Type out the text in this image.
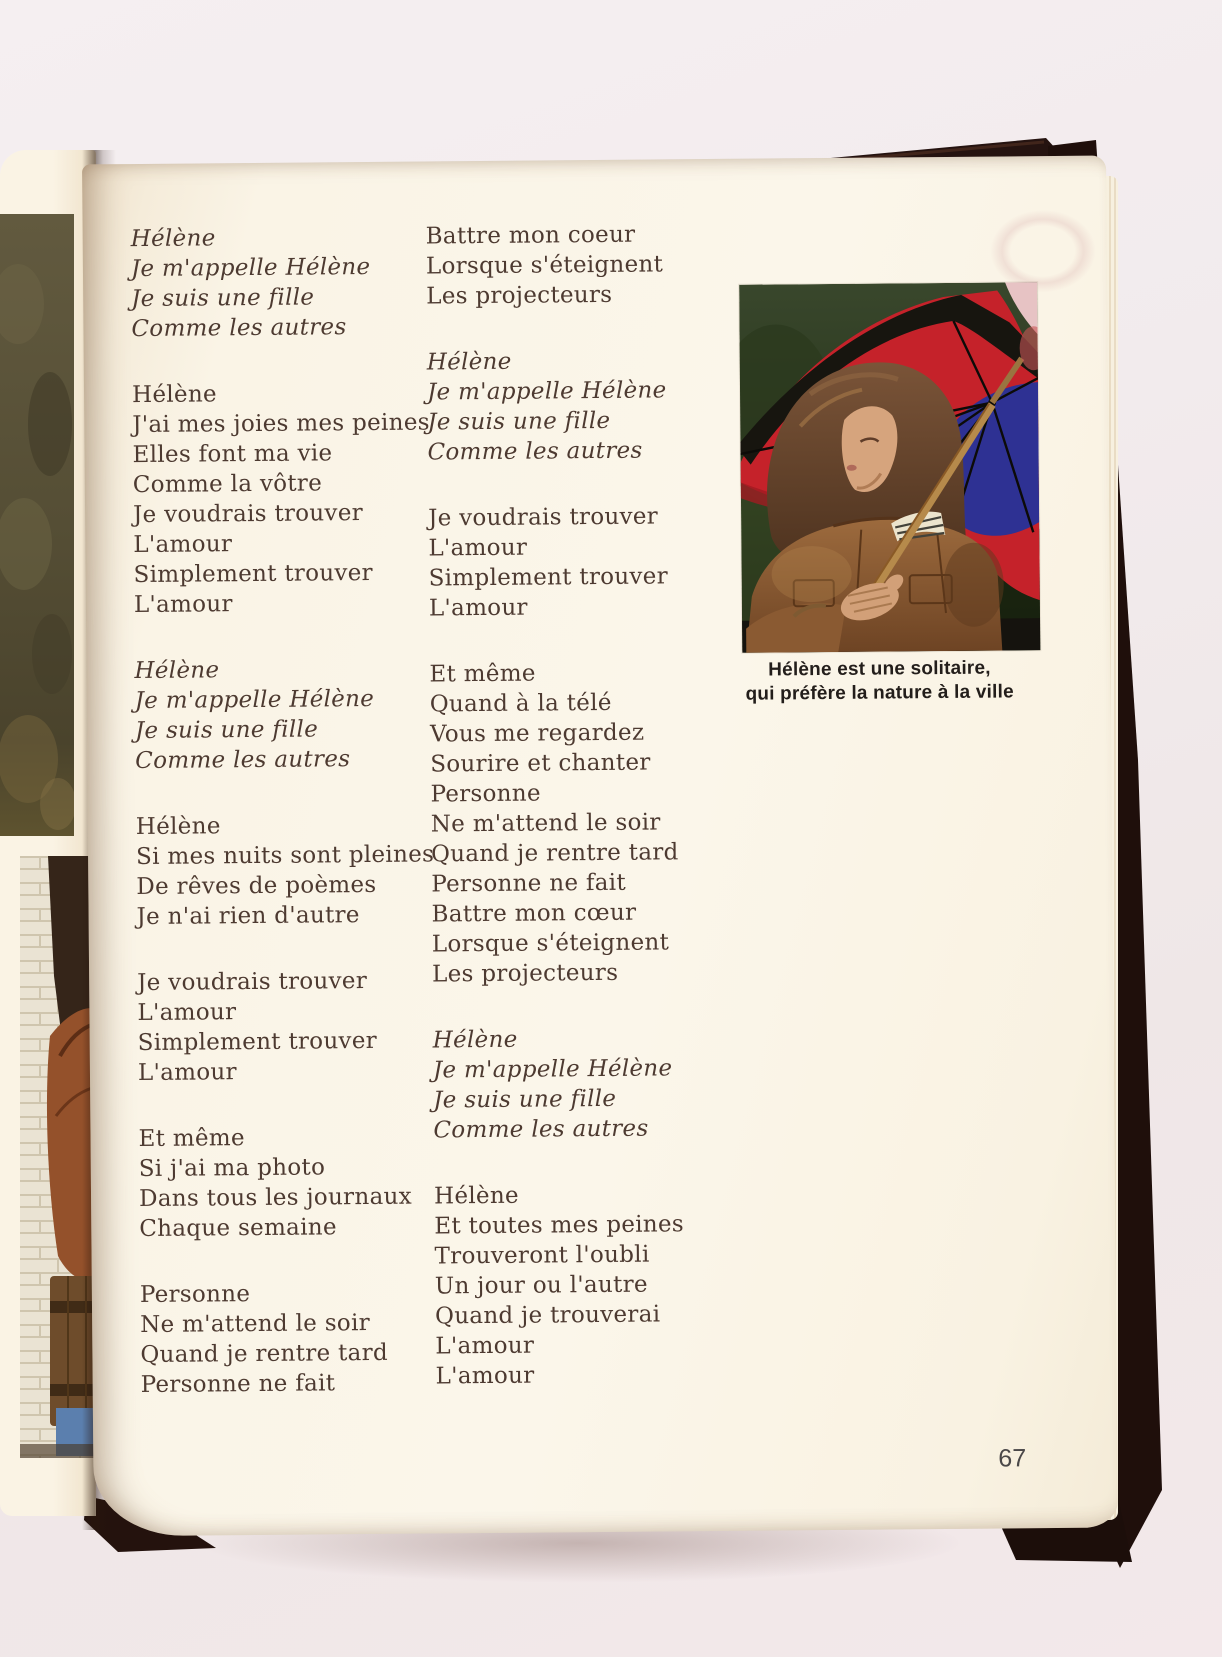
Hélène
Je m'appelle Hélène
Je suis une fille
Comme les autres
Hélène
J'ai mes joies mes peines
Elles font ma vie
Comme la vôtre
Je voudrais trouver
L'amour
Simplement trouver
L'amour
Hélène
Je m'appelle Hélène
Je suis une fille
Comme les autres
Hélène
Si mes nuits sont pleines
De rêves de poèmes
Je n'ai rien d'autre
Je voudrais trouver
L'amour
Simplement trouver
L'amour
Et même
Si j'ai ma photo
Dans tous les journaux
Chaque semaine
Personne
Ne m'attend le soir
Quand je rentre tard
Personne ne fait
Battre mon coeur
Lorsque s'éteignent
Les projecteurs
Hélène
Je m'appelle Hélène
Je suis une fille
Comme les autres
Je voudrais trouver
L'amour
Simplement trouver
L'amour
Et même
Quand à la télé
Vous me regardez
Sourire et chanter
Personne
Ne m'attend le soir
Quand je rentre tard
Personne ne fait
Battre mon cœur
Lorsque s'éteignent
Les projecteurs
Hélène
Je m'appelle Hélène
Je suis une fille
Comme les autres
Hélène
Et toutes mes peines
Trouveront l'oubli
Un jour ou l'autre
Quand je trouverai
L'amour
L'amour
Hélène est une solitaire,
qui préfère la nature à la ville
67
